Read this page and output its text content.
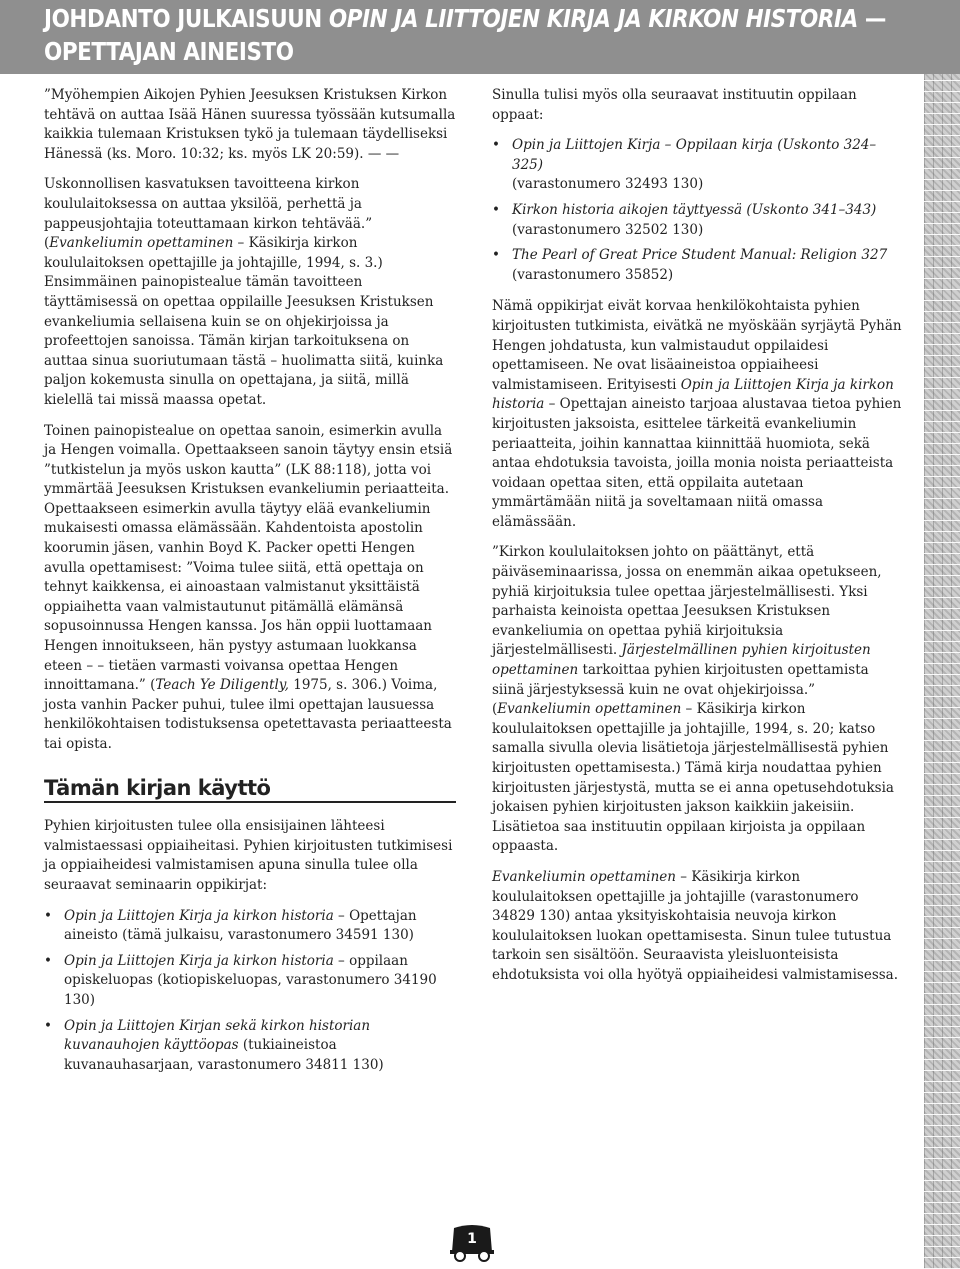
JOHDANTO JULKAISUUN OPIN JA LIITTOJEN KIRJA JA KIRKON HISTORIA —
OPETTAJAN AINEISTO

”Myöhempien Aikojen Pyhien Jeesuksen Kristuksen Kirkon tehtävä on auttaa Isää Hänen suuressa työssään kutsumalla kaikkia tulemaan Kristuksen tykö ja tulemaan täydelliseksi Hänessä (ks. Moro. 10:32; ks. myös LK 20:59). — —

Uskonnollisen kasvatuksen tavoitteena kirkon koululaitoksessa on auttaa yksilöä, perhettä ja pappeusjohtajia toteuttamaan kirkon tehtävää.” (Evankeliumin opettaminen – Käsikirja kirkon koululaitoksen opettajille ja johtajille, 1994, s. 3.) Ensimmäinen painopistealue tämän tavoitteen täyttämisessä on opettaa oppilaille Jeesuksen Kristuksen evankeliumia sellaisena kuin se on ohjekirjoissa ja profeettojen sanoissa. Tämän kirjan tarkoituksena on auttaa sinua suoriutumaan tästä – huolimatta siitä, kuinka paljon kokemusta sinulla on opettajana, ja siitä, millä kielellä tai missä maassa opetat.

Toinen painopistealue on opettaa sanoin, esimerkin avulla ja Hengen voimalla. Opettaakseen sanoin täytyy ensin etsiä ”tutkistelun ja myös uskon kautta” (LK 88:118), jotta voi ymmärtää Jeesuksen Kristuksen evankeliumin periaatteita. Opettaakseen esimerkin avulla täytyy elää evankeliumin mukaisesti omassa elämässään. Kahdentoista apostolin koorumin jäsen, vanhin Boyd K. Packer opetti Hengen avulla opettamisest: ”Voima tulee siitä, että opettaja on tehnyt kaikkensa, ei ainoastaan valmistanut yksittäistä oppiaihetta vaan valmistautunut pitämällä elämänsä sopusoinnussa Hengen kanssa. Jos hän oppii luottamaan Hengen innoitukseen, hän pystyy astumaan luokkansa eteen – – tietäen varmasti voivansa opettaa Hengen innoittamana.” (Teach Ye Diligently, 1975, s. 306.) Voima, josta vanhin Packer puhui, tulee ilmi opettajan lausuessa henkilökohtaisen todistuksensa opetettavasta periaatteesta tai opista.

Tämän kirjan käyttö

Pyhien kirjoitusten tulee olla ensisijainen lähteesi valmistaessasi oppiaiheitasi. Pyhien kirjoitusten tutkimisesi ja oppiaiheidesi valmistamisen apuna sinulla tulee olla seuraavat seminaarin oppikirjat:

• Opin ja Liittojen Kirja ja kirkon historia – Opettajan aineisto (tämä julkaisu, varastonumero 34591 130)
• Opin ja Liittojen Kirja ja kirkon historia – oppilaan opiskeluopas (kotiopiskeluopas, varastonumero 34190 130)
• Opin ja Liittojen Kirjan sekä kirkon historian kuvanauhojen käyttöopas (tukiaineistoa kuvanauhasarjaan, varastonumero 34811 130)

Sinulla tulisi myös olla seuraavat instituutin oppilaan oppaat:

• Opin ja Liittojen Kirja – Oppilaan kirja (Uskonto 324–325)
(varastonumero 32493 130)
• Kirkon historia aikojen täyttyessä (Uskonto 341–343)
(varastonumero 32502 130)
• The Pearl of Great Price Student Manual: Religion 327
(varastonumero 35852)

Nämä oppikirjat eivät korvaa henkilökohtaista pyhien kirjoitusten tutkimista, eivätkä ne myöskään syrjäytä Pyhän Hengen johdatusta, kun valmistaudut oppilaidesi opettamiseen. Ne ovat lisäaineistoa oppiaiheesi valmistamiseen. Erityisesti Opin ja Liittojen Kirja ja kirkon historia – Opettajan aineisto tarjoaa alustavaa tietoa pyhien kirjoitusten jaksoista, esittelee tärkeitä evankeliumin periaatteita, joihin kannattaa kiinnittää huomiota, sekä antaa ehdotuksia tavoista, joilla monia noista periaatteista voidaan opettaa siten, että oppilaita autetaan ymmärtämään niitä ja soveltamaan niitä omassa elämässään.

”Kirkon koululaitoksen johto on päättänyt, että päiväseminaarissa, jossa on enemmän aikaa opetukseen, pyhiä kirjoituksia tulee opettaa järjestelmällisesti. Yksi parhaista keinoista opettaa Jeesuksen Kristuksen evankeliumia on opettaa pyhiä kirjoituksia järjestelmällisesti. Järjestelmällinen pyhien kirjoitusten opettaminen tarkoittaa pyhien kirjoitusten opettamista siinä järjestyksessä kuin ne ovat ohjekirjoissa.” (Evankeliumin opettaminen – Käsikirja kirkon koululaitoksen opettajille ja johtajille, 1994, s. 20; katso samalla sivulla olevia lisätietoja järjestelmällisestä pyhien kirjoitusten opettamisesta.) Tämä kirja noudattaa pyhien kirjoitusten järjestystä, mutta se ei anna opetusehdotuksia jokaisen pyhien kirjoitusten jakson kaikkiin jakeisiin. Lisätietoa saa instituutin oppilaan kirjoista ja oppilaan oppaasta.

Evankeliumin opettaminen – Käsikirja kirkon koululaitoksen opettajille ja johtajille (varastonumero 34829 130) antaa yksityiskohtaisia neuvoja kirkon koululaitoksen luokan opettamisesta. Sinun tulee tutustua tarkoin sen sisältöön. Seuraavista yleisluonteisista ehdotuksista voi olla hyötyä oppiaiheidesi valmistamisessa.

1
